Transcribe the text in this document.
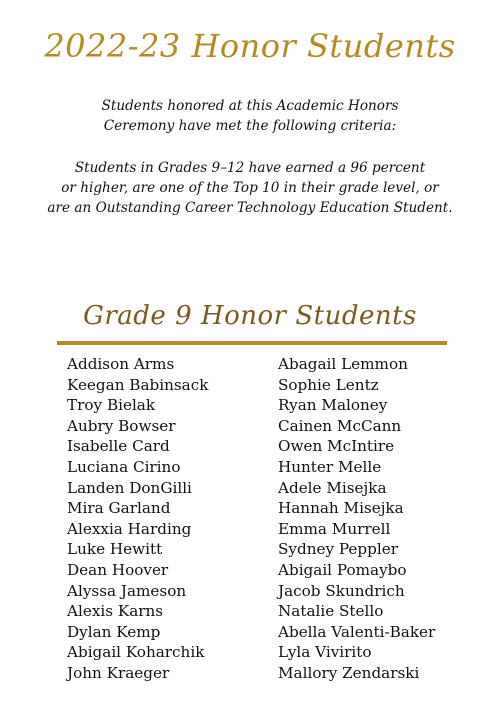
2022-23 Honor Students
Students honored at this Academic Honors
Ceremony have met the following criteria:
Students in Grades 9–12 have earned a 96 percent
or higher, are one of the Top 10 in their grade level, or
are an Outstanding Career Technology Education Student.
Grade 9 Honor Students
Addison Arms
Keegan Babinsack
Troy Bielak
Aubry Bowser
Isabelle Card
Luciana Cirino
Landen DonGilli
Mira Garland
Alexxia Harding
Luke Hewitt
Dean Hoover
Alyssa Jameson
Alexis Karns
Dylan Kemp
Abigail Koharchik
John Kraeger
Abagail Lemmon
Sophie Lentz
Ryan Maloney
Cainen McCann
Owen McIntire
Hunter Melle
Adele Misejka
Hannah Misejka
Emma Murrell
Sydney Peppler
Abigail Pomaybo
Jacob Skundrich
Natalie Stello
Abella Valenti-Baker
Lyla Vivirito
Mallory Zendarski
